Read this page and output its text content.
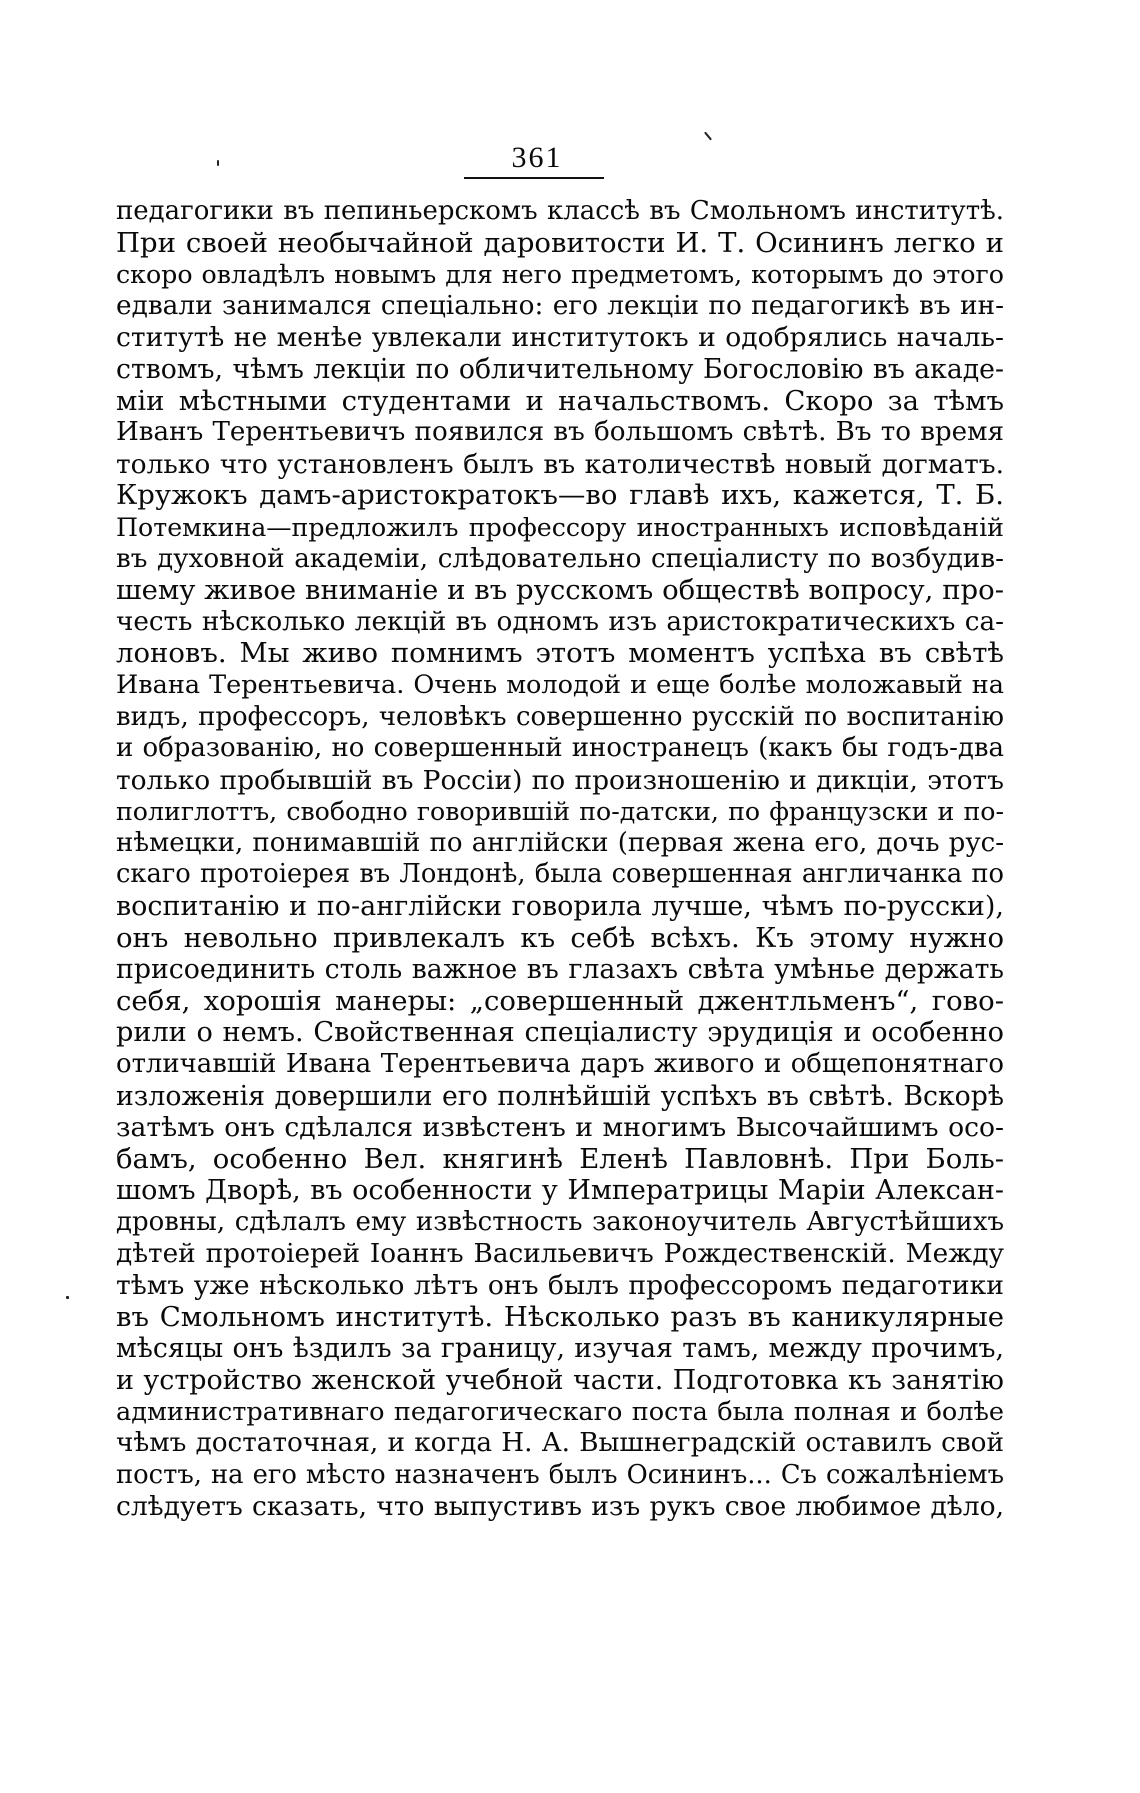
361
педагогики въ пепиньерскомъ классѣ въ Смольномъ институтѣ.
При своей необычайной даровитости И. Т. Осининъ легко и
скоро овладѣлъ новымъ для него предметомъ, которымъ до этого
едвали занимался спеціально: его лекціи по педагогикѣ въ ин-
ститутѣ не менѣе увлекали институтокъ и одобрялись началь-
ствомъ, чѣмъ лекціи по обличительному Богословію въ акаде-
міи мѣстными студентами и начальствомъ. Скоро за тѣмъ
Иванъ Терентьевичъ появился въ большомъ свѣтѣ. Въ то время
только что установленъ былъ въ католичествѣ новый догматъ.
Кружокъ дамъ-аристократокъ—во главѣ ихъ, кажется, Т. Б.
Потемкина—предложилъ профессору иностранныхъ исповѣданій
въ духовной академіи, слѣдовательно спеціалисту по возбудив-
шему живое вниманіе и въ русскомъ обществѣ вопросу, про-
честь нѣсколько лекцій въ одномъ изъ аристократическихъ са-
лоновъ. Мы живо помнимъ этотъ моментъ успѣха въ свѣтѣ
Ивана Терентьевича. Очень молодой и еще болѣе моложавый на
видъ, профессоръ, человѣкъ совершенно русскій по воспитанію
и образованію, но совершенный иностранецъ (какъ бы годъ-два
только пробывшій въ Россіи) по произношенію и дикціи, этотъ
полиглоттъ, свободно говорившій по-датски, по французски и по-
нѣмецки, понимавшій по англійски (первая жена его, дочь рус-
скаго протоіерея въ Лондонѣ, была совершенная англичанка по
воспитанію и по-англійски говорила лучше, чѣмъ по-русски),
онъ невольно привлекалъ къ себѣ всѣхъ. Къ этому нужно
присоединить столь важное въ глазахъ свѣта умѣнье держать
себя, хорошія манеры: „совершенный джентльменъ“, гово-
рили о немъ. Свойственная спеціалисту эрудиція и особенно
отличавшій Ивана Терентьевича даръ живого и общепонятнаго
изложенія довершили его полнѣйшій успѣхъ въ свѣтѣ. Вскорѣ
затѣмъ онъ сдѣлался извѣстенъ и многимъ Высочайшимъ осо-
бамъ, особенно Вел. княгинѣ Еленѣ Павловнѣ. При Боль-
шомъ Дворѣ, въ особенности у Императрицы Маріи Алексан-
дровны, сдѣлалъ ему извѣстность законоучитель Августѣйшихъ
дѣтей протоіерей Іоаннъ Васильевичъ Рождественскій. Между
тѣмъ уже нѣсколько лѣтъ онъ былъ профессоромъ педаготики
въ Смольномъ институтѣ. Нѣсколько разъ въ каникулярные
мѣсяцы онъ ѣздилъ за границу, изучая тамъ, между прочимъ,
и устройство женской учебной части. Подготовка къ занятію
административнаго педагогическаго поста была полная и болѣе
чѣмъ достаточная, и когда Н. А. Вышнеградскій оставилъ свой
постъ, на его мѣсто назначенъ былъ Осининъ... Съ сожалѣніемъ
слѣдуетъ сказать, что выпустивъ изъ рукъ свое любимое дѣло,
